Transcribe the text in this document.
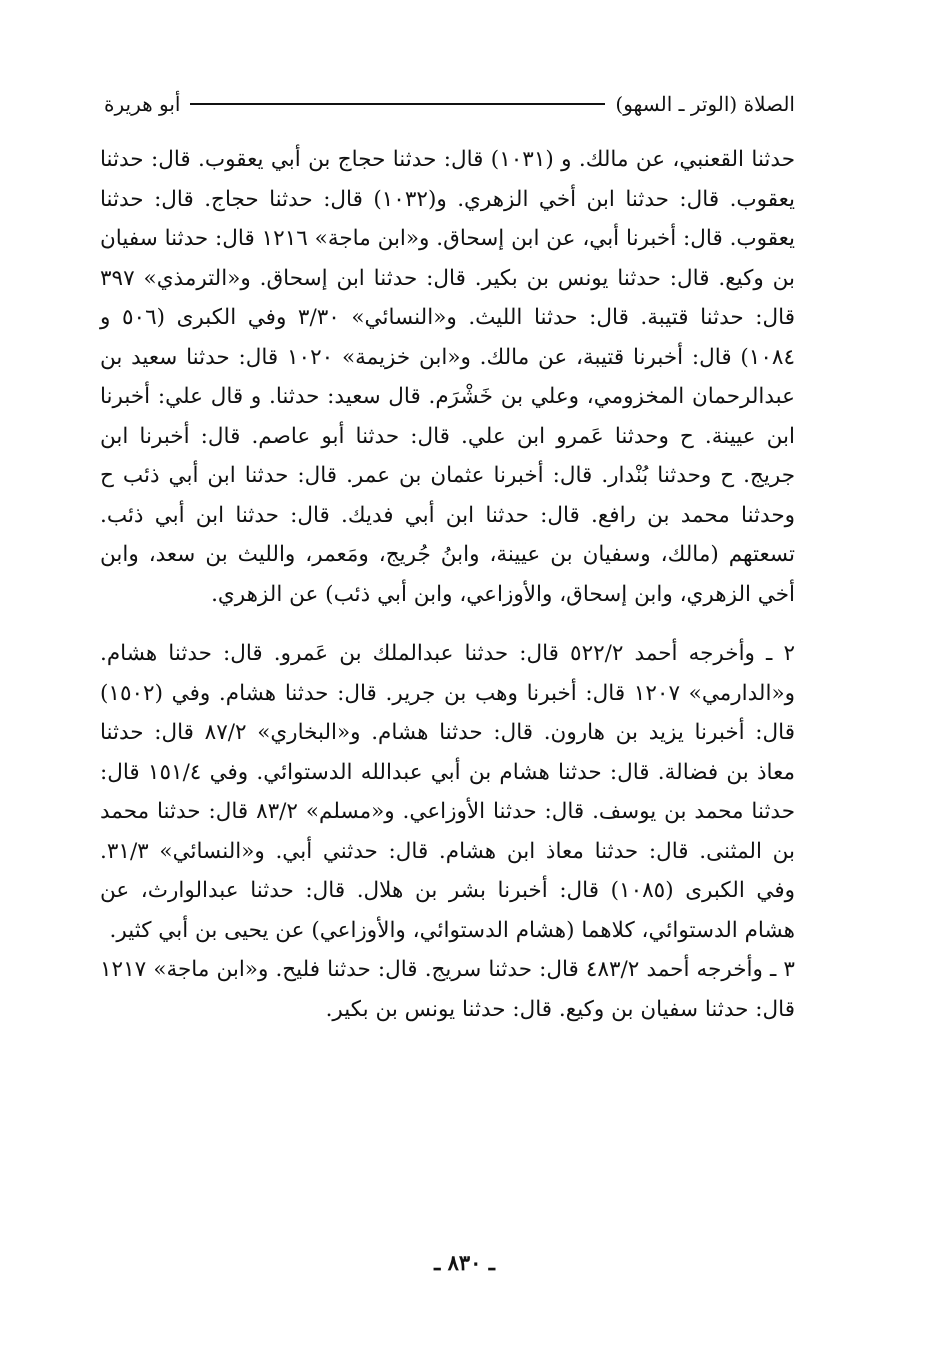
الصلاة (الوتر ـ السهو)
أبو هريرة

حدثنا القعنبي، عن مالك. و (١٠٣١) قال: حدثنا حجاج بن أبي يعقوب. قال: حدثنا يعقوب. قال: حدثنا ابن أخي الزهري. و(١٠٣٢) قال: حدثنا حجاج. قال: حدثنا يعقوب. قال: أخبرنا أبي، عن ابن إسحاق. و«ابن ماجة» ١٢١٦ قال: حدثنا سفيان بن وكيع. قال: حدثنا يونس بن بكير. قال: حدثنا ابن إسحاق. و«الترمذي» ٣٩٧ قال: حدثنا قتيبة. قال: حدثنا الليث. و«النسائي» ٣/٣٠ وفي الكبرى (٥٠٦ و ١٠٨٤) قال: أخبرنا قتيبة، عن مالك. و«ابن خزيمة» ١٠٢٠ قال: حدثنا سعيد بن عبدالرحمان المخزومي، وعلي بن خَشْرَم. قال سعيد: حدثنا. و قال علي: أخبرنا ابن عيينة. ح وحدثنا عَمرو ابن علي. قال: حدثنا أبو عاصم. قال: أخبرنا ابن جريج. ح وحدثنا بُنْدار. قال: أخبرنا عثمان بن عمر. قال: حدثنا ابن أبي ذئب ح وحدثنا محمد بن رافع. قال: حدثنا ابن أبي فديك. قال: حدثنا ابن أبي ذئب. تسعتهم (مالك، وسفيان بن عيينة، وابنُ جُريج، ومَعمر، والليث بن سعد، وابن أخي الزهري، وابن إسحاق، والأوزاعي، وابن أبي ذئب) عن الزهري.

٢ ـ وأخرجه أحمد ٥٢٢/٢ قال: حدثنا عبدالملك بن عَمرو. قال: حدثنا هشام. و«الدارمي» ١٢٠٧ قال: أخبرنا وهب بن جرير. قال: حدثنا هشام. وفي (١٥٠٢) قال: أخبرنا يزيد بن هارون. قال: حدثنا هشام. و«البخاري» ٨٧/٢ قال: حدثنا معاذ بن فضالة. قال: حدثنا هشام بن أبي عبدالله الدستوائي. وفي ١٥١/٤ قال: حدثنا محمد بن يوسف. قال: حدثنا الأوزاعي. و«مسلم» ٨٣/٢ قال: حدثنا محمد بن المثنى. قال: حدثنا معاذ ابن هشام. قال: حدثني أبي. و«النسائي» ٣١/٣. وفي الكبرى (١٠٨٥) قال: أخبرنا بشر بن هلال. قال: حدثنا عبدالوارث، عن هشام الدستوائي، كلاهما (هشام الدستوائي، والأوزاعي) عن يحيى بن أبي كثير.

٣ ـ وأخرجه أحمد ٤٨٣/٢ قال: حدثنا سريج. قال: حدثنا فليح. و«ابن ماجة» ١٢١٧ قال: حدثنا سفيان بن وكيع. قال: حدثنا يونس بن بكير.

ـ ٨٣٠ ـ
